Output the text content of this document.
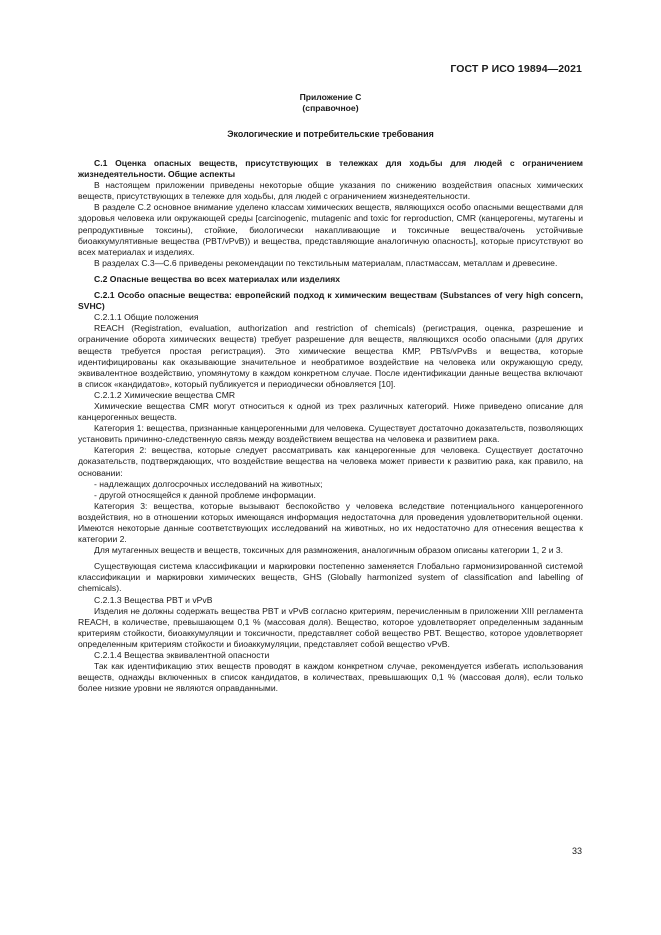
ГОСТ Р ИСО 19894—2021
Приложение С
(справочное)
Экологические и потребительские требования

С.1 Оценка опасных веществ, присутствующих в тележках для ходьбы для людей с ограничением жизнедеятельности. Общие аспекты

В настоящем приложении приведены некоторые общие указания по снижению воздействия опасных химических веществ, присутствующих в тележке для ходьбы, для людей с ограничением жизнедеятельности.

В разделе С.2 основное внимание уделено классам химических веществ, являющихся особо опасными веществами для здоровья человека или окружающей среды [carcinogenic, mutagenic and toxic for reproduction, CMR (канцерогены, мутагены и репродуктивные токсины), стойкие, биологически накапливающие и токсичные вещества/очень устойчивые биоаккумулятивные вещества (PBT/vPvB)) и вещества, представляющие аналогичную опасность], которые присутствуют во всех материалах и изделиях.

В разделах С.3—С.6 приведены рекомендации по текстильным материалам, пластмассам, металлам и древесине.

С.2 Опасные вещества во всех материалах или изделиях

С.2.1 Особо опасные вещества: европейский подход к химическим веществам (Substances of very high concern, SVHC)

С.2.1.1 Общие положения

REACH (Registration, evaluation, authorization and restriction of chemicals) (регистрация, оценка, разрешение и ограничение оборота химических веществ) требует разрешение для веществ, являющихся особо опасными (для других веществ требуется простая регистрация). Это химические вещества КМР, PBTs/vPvBs и вещества, которые идентифицированы как оказывающие значительное и необратимое воздействие на человека или окружающую среду, эквивалентное воздействию, упомянутому в каждом конкретном случае. После идентификации данные вещества включают в список «кандидатов», который публикуется и периодически обновляется [10].

С.2.1.2 Химические вещества CMR

Химические вещества CMR могут относиться к одной из трех различных категорий. Ниже приведено описание для канцерогенных веществ.

Категория 1: вещества, признанные канцерогенными для человека. Существует достаточно доказательств, позволяющих установить причинно-следственную связь между воздействием вещества на человека и развитием рака.

Категория 2: вещества, которые следует рассматривать как канцерогенные для человека. Существует достаточно доказательств, подтверждающих, что воздействие вещества на человека может привести к развитию рака, как правило, на основании:

- надлежащих долгосрочных исследований на животных;
- другой относящейся к данной проблеме информации.

Категория 3: вещества, которые вызывают беспокойство у человека вследствие потенциального канцерогенного воздействия, но в отношении которых имеющаяся информация недостаточна для проведения удовлетворительной оценки. Имеются некоторые данные соответствующих исследований на животных, но их недостаточно для отнесения вещества к категории 2.

Для мутагенных веществ и веществ, токсичных для размножения, аналогичным образом описаны категории 1, 2 и 3.

Существующая система классификации и маркировки постепенно заменяется Глобально гармонизированной системой классификации и маркировки химических веществ, GHS (Globally harmonized system of classification and labelling of chemicals).

С.2.1.3 Вещества PBT и vPvB

Изделия не должны содержать вещества PBT и vPvB согласно критериям, перечисленным в приложении XIII регламента REACH, в количестве, превышающем 0,1 % (массовая доля). Вещество, которое удовлетворяет определенным заданным критериям стойкости, биоаккумуляции и токсичности, представляет собой вещество PBT. Вещество, которое удовлетворяет определенным критериям стойкости и биоаккумуляции, представляет собой вещество vPvB.

С.2.1.4 Вещества эквивалентной опасности

Так как идентификацию этих веществ проводят в каждом конкретном случае, рекомендуется избегать использования веществ, однажды включенных в список кандидатов, в количествах, превышающих 0,1 % (массовая доля), если только более низкие уровни не являются оправданными.

33
